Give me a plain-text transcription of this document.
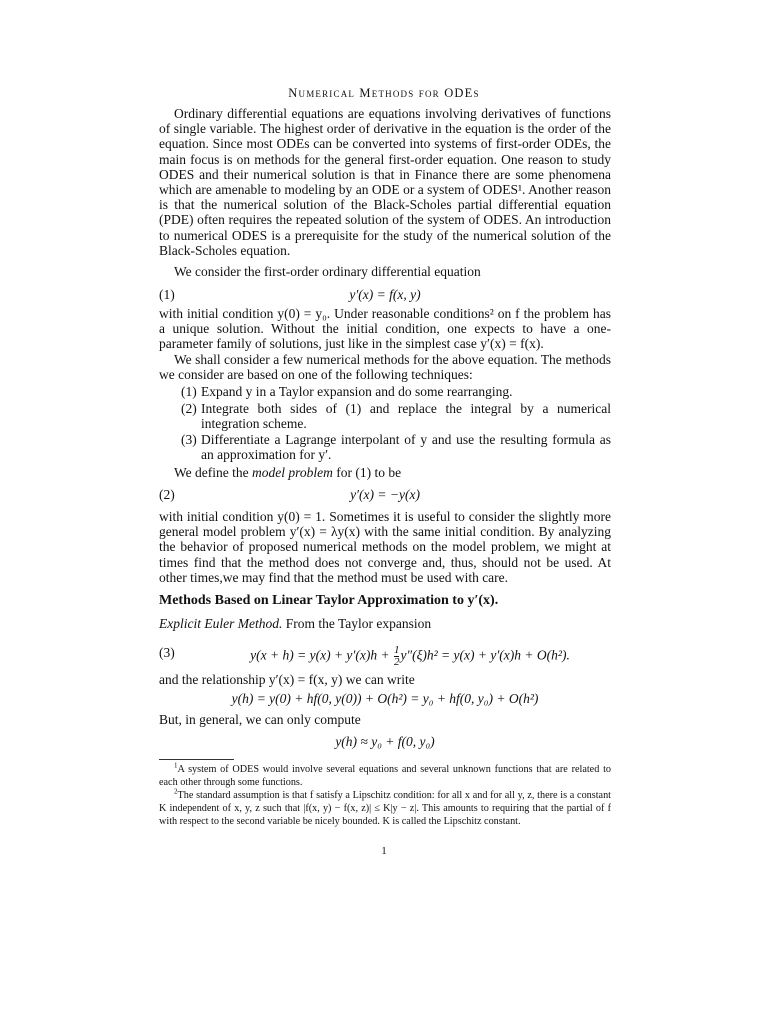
Numerical Methods for ODEs

Ordinary differential equations are equations involving derivatives of functions of single variable. The highest order of derivative in the equation is the order of the equation. Since most ODEs can be converted into systems of first-order ODEs, the main focus is on methods for the general first-order equation. One reason to study ODES and their numerical solution is that in Finance there are some phenomena which are amenable to modeling by an ODE or a system of ODES¹. Another reason is that the numerical solution of the Black-Scholes partial differential equation (PDE) often requires the repeated solution of the system of ODES. An introduction to numerical ODES is a prerequisite for the study of the numerical solution of the Black-Scholes equation.

We consider the first-order ordinary differential equation

(1)	y′(x) = f(x, y)

with initial condition y(0) = y₀. Under reasonable conditions² on f the problem has a unique solution. Without the initial condition, one expects to have a one-parameter family of solutions, just like in the simplest case y′(x) = f(x).

We shall consider a few numerical methods for the above equation. The methods we consider are based on one of the following techniques:

(1) Expand y in a Taylor expansion and do some rearranging.
(2) Integrate both sides of (1) and replace the integral by a numerical integration scheme.
(3) Differentiate a Lagrange interpolant of y and use the resulting formula as an approximation for y′.

We define the model problem for (1) to be

(2)	y′(x) = −y(x)

with initial condition y(0) = 1. Sometimes it is useful to consider the slightly more general model problem y′(x) = λy(x) with the same initial condition. By analyzing the behavior of proposed numerical methods on the model problem, we might at times find that the method does not converge and, thus, should not be used. At other times,we may find that the method must be used with care.

Methods Based on Linear Taylor Approximation to y′(x).

Explicit Euler Method. From the Taylor expansion

(3)	$y(x + h) = y(x) + y'(x)h + \frac{1}{2} y''(\xi)h^2 = y(x) + y'(x)h + O(h^2)$.

and the relationship y′(x) = f(x, y) we can write

y(h) = y(0) + hf(0, y(0)) + O(h²) = y₀ + hf(0, y₀) + O(h²)

But, in general, we can only compute

y(h) ≈ y₀ + f(0, y₀)

$^1$A system of ODES would involve several equations and several unknown functions that are related to each other through some functions.

$^2$The standard assumption is that f satisfy a Lipschitz condition: for all x and for all y, z, there is a constant K independent of x, y, z such that |f(x, y) − f(x, z)| ≤ K|y − z|. This amounts to requiring that the partial of f with respect to the second variable be nicely bounded. K is called the Lipschitz constant.

1
